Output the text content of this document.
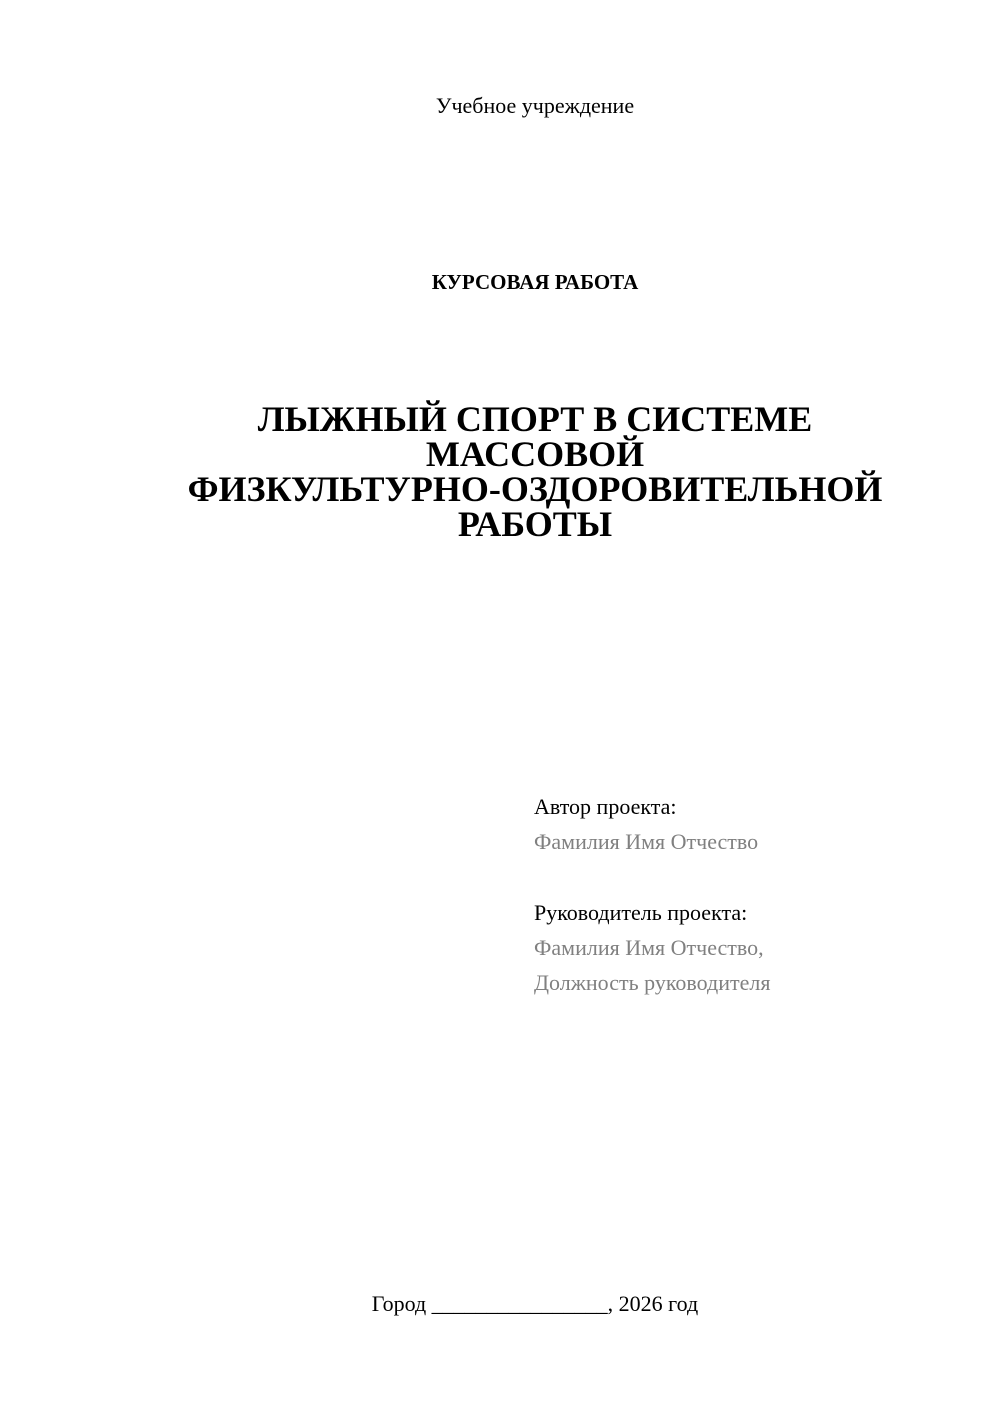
Учебное учреждение
КУРСОВАЯ РАБОТА
ЛЫЖНЫЙ СПОРТ В СИСТЕМЕ
МАССОВОЙ
ФИЗКУЛЬТУРНО-ОЗДОРОВИТЕЛЬНОЙ
РАБОТЫ
Автор проекта:
Фамилия Имя Отчество
Руководитель проекта:
Фамилия Имя Отчество,
Должность руководителя
Город ________________, 2026 год
